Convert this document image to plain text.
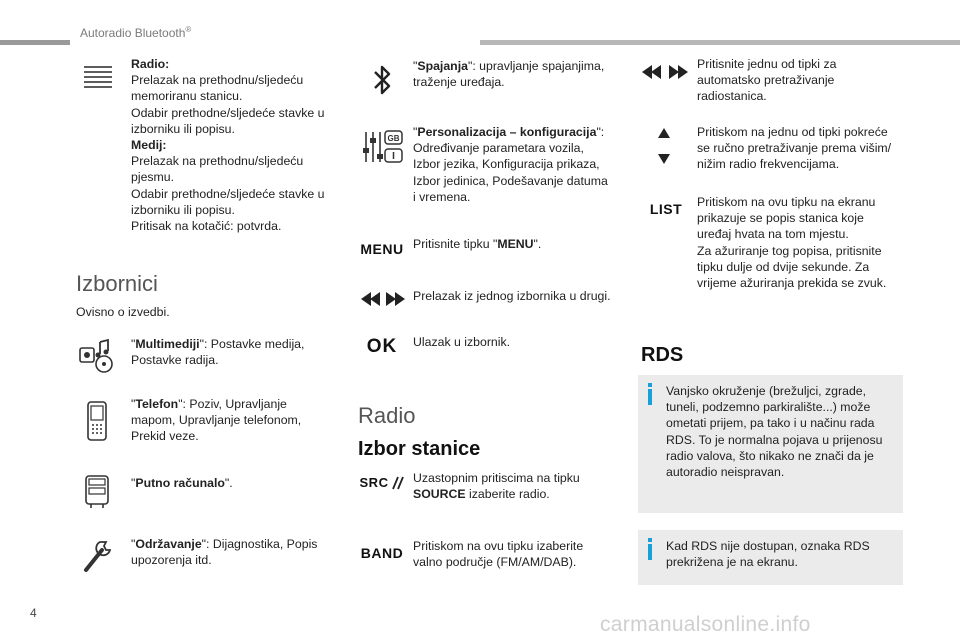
Autoradio Bluetooth®
Radio:
Prelazak na prethodnu/sljedeću
memoriranu stanicu.
Odabir prethodne/sljedeće stavke u
izborniku ili popisu.
Medij:
Prelazak na prethodnu/sljedeću
pjesmu.
Odabir prethodne/sljedeće stavke u
izborniku ili popisu.
Pritisak na kotačić: potvrda.
Izbornici
Ovisno o izvedbi.
"Multimediji": Postavke medija,
Postavke radija.
"Telefon": Poziv, Upravljanje
mapom, Upravljanje telefonom,
Prekid veze.
"Putno računalo".
"Održavanje": Dijagnostika, Popis
upozorenja itd.
"Spajanja": upravljanje spajanjima,
traženje uređaja.
GB "Personalizacija – konfiguracija":
Određivanje parametara vozila,
Izbor jezika, Konfiguracija prikaza,
Izbor jedinica, Podešavanje datuma
i vremena.
MENU Pritisnite tipku "MENU".
Prelazak iz jednog izbornika u drugi.
OK Ulazak u izbornik.
Radio
Izbor stanice
SRC Uzastopnim pritiscima na tipku
SOURCE izaberite radio.
BAND Pritiskom na ovu tipku izaberite
valno područje (FM/AM/DAB).
Pritisnite jednu od tipki za
automatsko pretraživanje
radiostanica.
Pritiskom na jednu od tipki pokreće
se ručno pretraživanje prema višim/
nižim radio frekvencijama.
LIST Pritiskom na ovu tipku na ekranu
prikazuje se popis stanica koje
uređaj hvata na tom mjestu.
Za ažuriranje tog popisa, pritisnite
tipku dulje od dvije sekunde. Za
vrijeme ažuriranja prekida se zvuk.
RDS
Vanjsko okruženje (brežuljci, zgrade,
tuneli, podzemno parkiralište...) može
ometati prijem, pa tako i u načinu rada
RDS. To je normalna pojava u prijenosu
radio valova, što nikako ne znači da je
autoradio neispravan.
Kad RDS nije dostupan, oznaka RDS
prekrižena je na ekranu.
4	carmanualsonline.info
